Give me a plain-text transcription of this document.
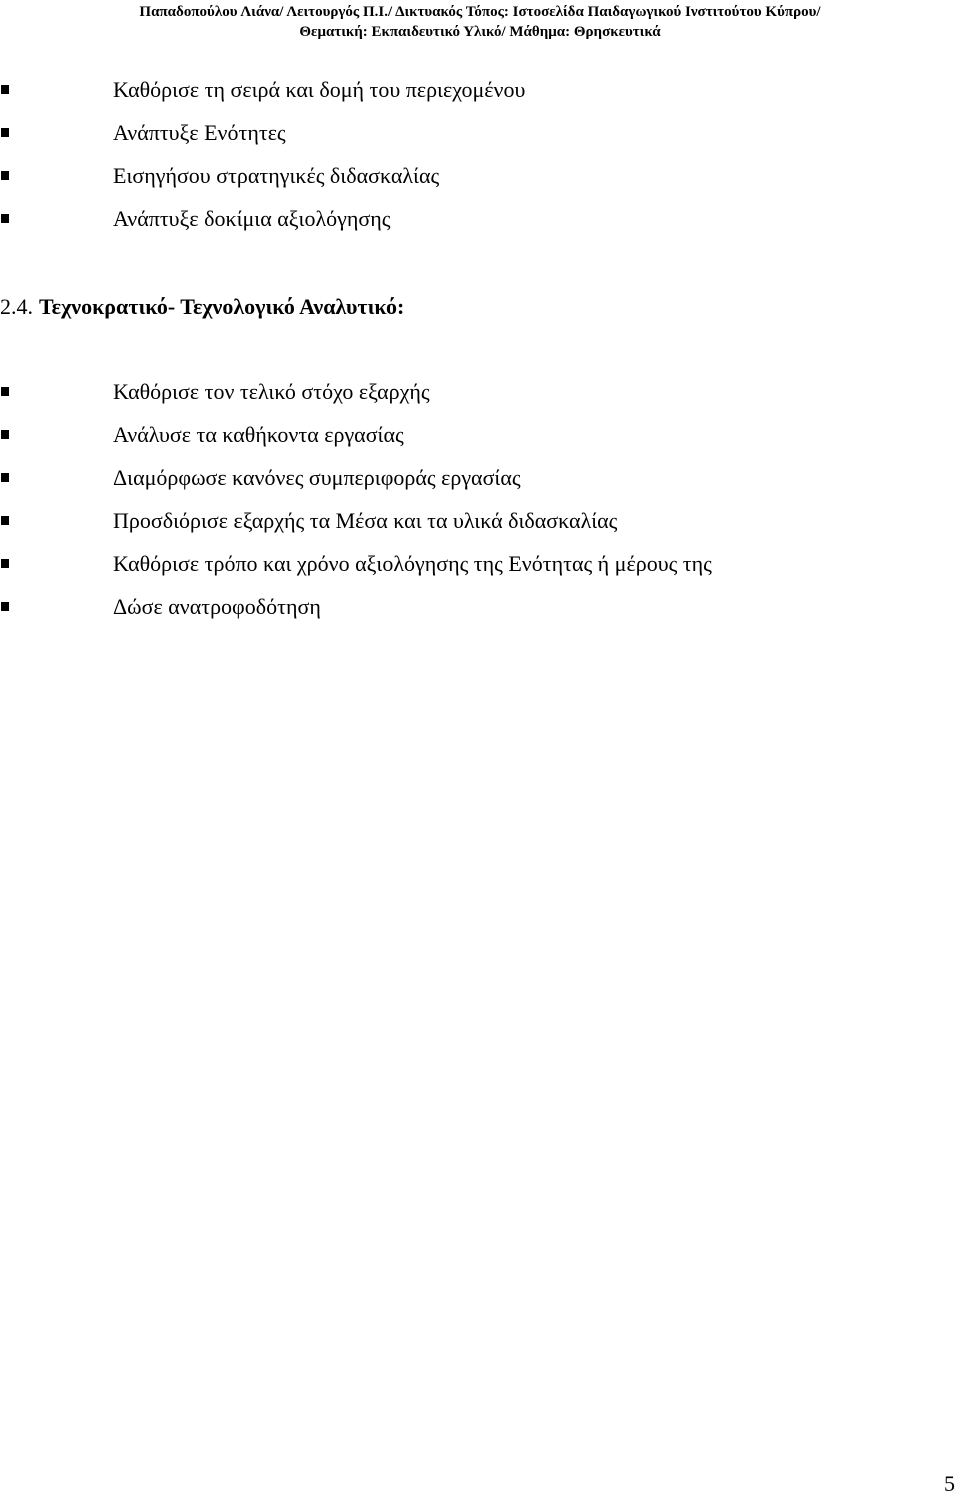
Παπαδοπούλου Λιάνα/ Λειτουργός Π.Ι./ Δικτυακός Τόπος: Ιστοσελίδα Παιδαγωγικού Ινστιτούτου Κύπρου/
Θεματική: Εκπαιδευτικό Υλικό/ Μάθημα: Θρησκευτικά
Καθόρισε τη σειρά και δομή του περιεχομένου
Ανάπτυξε Ενότητες
Εισηγήσου στρατηγικές διδασκαλίας
Ανάπτυξε δοκίμια αξιολόγησης
2.4. Τεχνοκρατικό- Τεχνολογικό Αναλυτικό:
Καθόρισε τον τελικό στόχο εξαρχής
Ανάλυσε τα καθήκοντα εργασίας
Διαμόρφωσε κανόνες συμπεριφοράς εργασίας
Προσδιόρισε εξαρχής τα Μέσα και τα υλικά διδασκαλίας
Καθόρισε τρόπο και χρόνο αξιολόγησης της Ενότητας ή μέρους της
Δώσε ανατροφοδότηση
5
